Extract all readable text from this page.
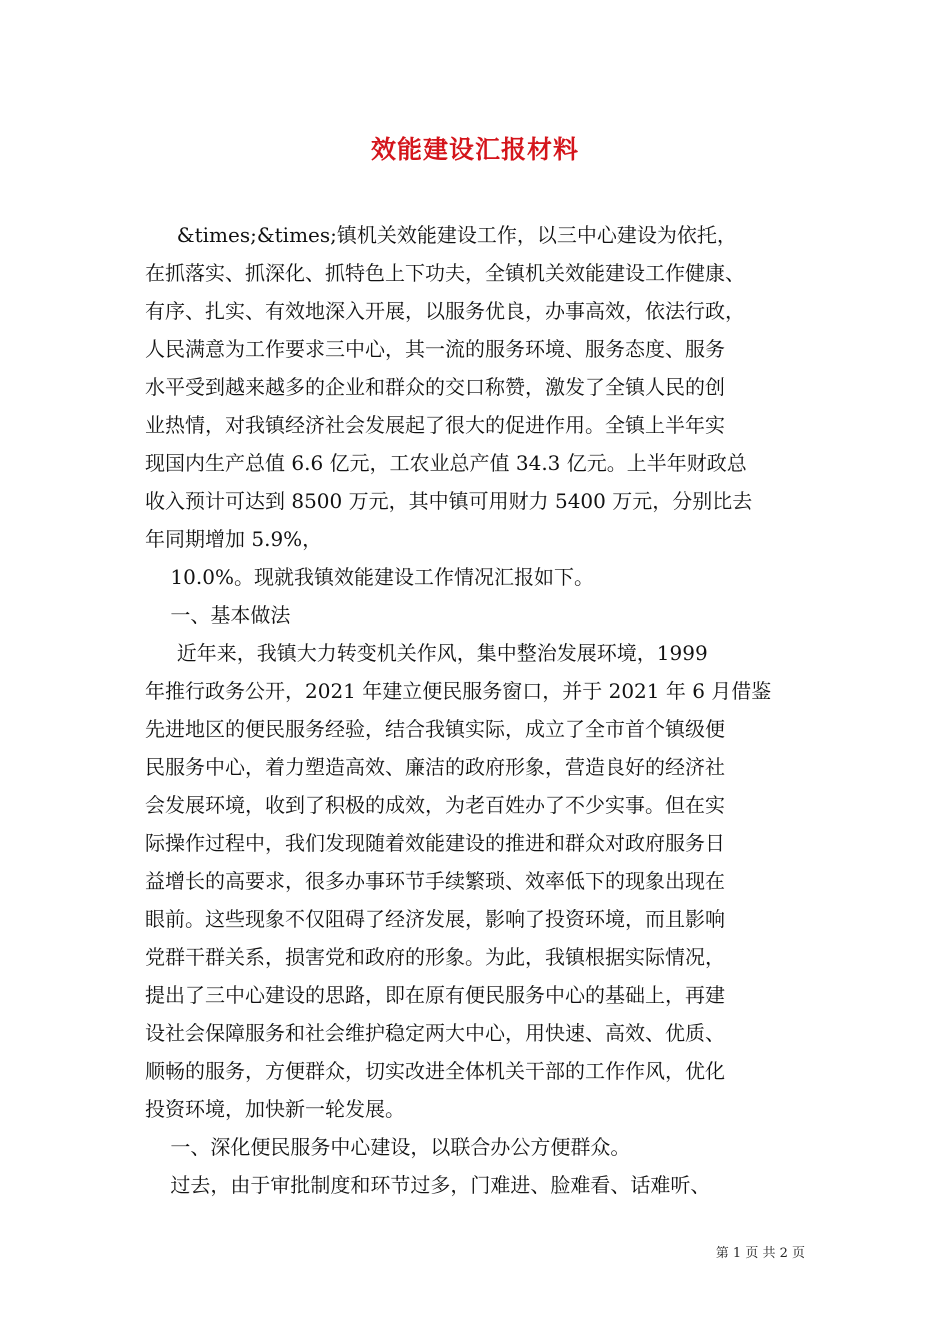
效能建设汇报材料
&times;&times;镇机关效能建设工作，以三中心建设为依托，
在抓落实、抓深化、抓特色上下功夫，全镇机关效能建设工作健康、
有序、扎实、有效地深入开展，以服务优良，办事高效，依法行政，
人民满意为工作要求三中心，其一流的服务环境、服务态度、服务
水平受到越来越多的企业和群众的交口称赞，激发了全镇人民的创
业热情，对我镇经济社会发展起了很大的促进作用。全镇上半年实
现国内生产总值 6.6 亿元，工农业总产值 34.3 亿元。上半年财政总
收入预计可达到 8500 万元，其中镇可用财力 5400 万元，分别比去
年同期增加 5.9%，
10.0%。现就我镇效能建设工作情况汇报如下。
一、基本做法
近年来，我镇大力转变机关作风，集中整治发展环境，1999
年推行政务公开，2021 年建立便民服务窗口，并于 2021 年 6 月借鉴
先进地区的便民服务经验，结合我镇实际，成立了全市首个镇级便
民服务中心，着力塑造高效、廉洁的政府形象，营造良好的经济社
会发展环境，收到了积极的成效，为老百姓办了不少实事。但在实
际操作过程中，我们发现随着效能建设的推进和群众对政府服务日
益增长的高要求，很多办事环节手续繁琐、效率低下的现象出现在
眼前。这些现象不仅阻碍了经济发展，影响了投资环境，而且影响
党群干群关系，损害党和政府的形象。为此，我镇根据实际情况，
提出了三中心建设的思路，即在原有便民服务中心的基础上，再建
设社会保障服务和社会维护稳定两大中心，用快速、高效、优质、
顺畅的服务，方便群众，切实改进全体机关干部的工作作风，优化
投资环境，加快新一轮发展。
一、深化便民服务中心建设，以联合办公方便群众。
过去，由于审批制度和环节过多，门难进、脸难看、话难听、
第 1 页 共 2 页
